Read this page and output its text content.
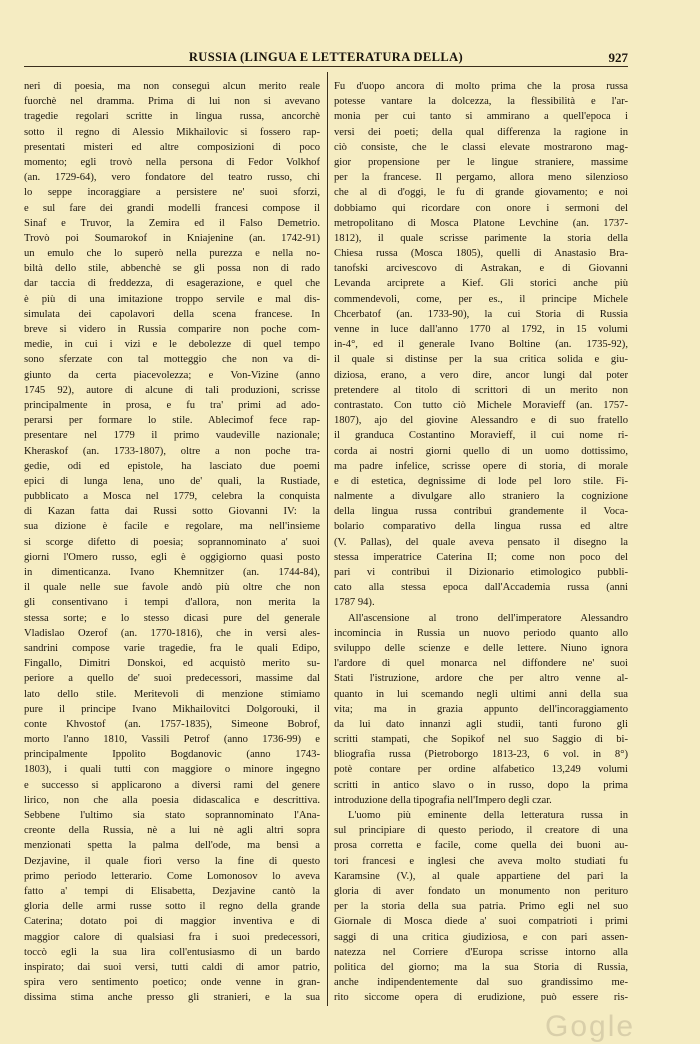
RUSSIA (LINGUA E LETTERATURA DELLA)	927
neri di poesia, ma non conseguì alcun merito reale
fuorchè nel dramma. Prima di lui non si avevano
tragedie regolari scritte in lingua russa, ancorchè
sotto il regno di Alessio Mikhailovic si fossero rap-
presentati misteri ed altre composizioni di poco
momento; egli trovò nella persona di Fedor Volkhof
(an. 1729-64), vero fondatore del teatro russo, chi
lo seppe incoraggiare a persistere ne' suoi sforzi,
e sul fare dei grandi modelli francesi compose il
Sinaf e Truvor, la Zemira ed il Falso Demetrio.
Trovò poi Soumarokof in Kniajenine (an. 1742-91)
un emulo che lo superò nella purezza e nella no-
biltà dello stile, abbenchè se gli possa non di rado
dar taccia di freddezza, di esagerazione, e quel che
è più di una imitazione troppo servile e mal dis-
simulata dei capolavori della scena francese. In
breve si videro in Russia comparire non poche com-
medie, in cui i vizi e le debolezze di quel tempo
sono sferzate con tal motteggio che non va di-
giunto da certa piacevolezza; e Von-Vizine (anno
1745 92), autore di alcune di tali produzioni, scrisse
principalmente in prosa, e fu tra' primi ad ado-
perarsi per formare lo stile. Ablecimof fece rap-
presentare nel 1779 il primo vaudeville nazionale;
Kheraskof (an. 1733-1807), oltre a non poche tra-
gedie, odi ed epistole, ha lasciato due poemi
epici di lunga lena, uno de' quali, la Rustiade,
pubblicato a Mosca nel 1779, celebra la conquista
di Kazan fatta dai Russi sotto Giovanni IV: la
sua dizione è facile e regolare, ma nell'insieme
si scorge difetto di poesia; soprannominato a' suoi
giorni l'Omero russo, egli è oggigiorno quasi posto
in dimenticanza. Ivano Khemnitzer (an. 1744-84),
il quale nelle sue favole andò più oltre che non
gli consentivano i tempi d'allora, non merita la
stessa sorte; e lo stesso dicasi pure del generale
Vladislao Ozerof (an. 1770-1816), che in versi ales-
sandrini compose varie tragedie, fra le quali Edipo,
Fingallo, Dimitri Donskoi, ed acquistò merito su-
periore a quello de' suoi predecessori, massime dal
lato dello stile. Meritevoli di menzione stimiamo
pure il principe Ivano Mikhailovitci Dolgorouki, il
conte Khvostof (an. 1757-1835), Simeone Bobrof,
morto l'anno 1810, Vassili Petrof (anno 1736-99) e
principalmente Ippolito Bogdanovic (anno 1743-
1803), i quali tutti con maggiore o minore ingegno
e successo si applicarono a diversi rami del genere
lirico, non che alla poesia didascalica e descrittiva.
Sebbene l'ultimo sia stato soprannominato l'Ana-
creonte della Russia, nè a lui nè agli altri sopra
menzionati spetta la palma dell'ode, ma bensì a
Dezjavine, il quale fiorì verso la fine di questo
primo periodo letterario. Come Lomonosov lo aveva
fatto a' tempi di Elisabetta, Dezjavine cantò la
gloria delle armi russe sotto il regno della grande
Caterina; dotato poi di maggior inventiva e di
maggior calore di qualsiasi fra i suoi predecessori,
toccò egli la sua lira coll'entusiasmo di un bardo
inspirato; dai suoi versi, tutti caldi di amor patrio,
spira vero sentimento poetico; onde venne in gran-
dissima stima anche presso gli stranieri, e la sua
Fu d'uopo ancora di molto prima che la prosa russa
potesse vantare la dolcezza, la flessibilità e l'ar-
monia per cui tanto si ammirano a quell'epoca i
versi dei poeti; della qual differenza la ragione in
ciò consiste, che le classi elevate mostrarono mag-
gior propensione per le lingue straniere, massime
per la francese. Il pergamo, allora meno silenzioso
che al dì d'oggi, le fu di grande giovamento; e noi
dobbiamo qui ricordare con onore i sermoni del
metropolitano di Mosca Platone Levchine (an. 1737-
1812), il quale scrisse parimente la storia della
Chiesa russa (Mosca 1805), quelli di Anastasio Bra-
tanofski arcivescovo di Astrakan, e di Giovanni
Levanda arciprete a Kief. Gli storici anche più
commendevoli, come, per es., il principe Michele
Chcerbatof (an. 1733-90), la cui Storia di Russia
venne in luce dall'anno 1770 al 1792, in 15 volumi
in-4°, ed il generale Ivano Boltine (an. 1735-92),
il quale si distinse per la sua critica solida e giu-
diziosa, erano, a vero dire, ancor lungi dal poter
pretendere al titolo di scrittori di un merito non
contrastato. Con tutto ciò Michele Moravieff (an. 1757-
1807), ajo del giovine Alessandro e di suo fratello
il granduca Costantino Moravieff, il cui nome ri-
corda ai nostri giorni quello di un uomo dottissimo,
ma padre infelice, scrisse opere di storia, di morale
e di estetica, degnissime di lode pel loro stile. Fi-
nalmente a divulgare allo straniero la cognizione
della lingua russa contribuì grandemente il Voca-
bolario comparativo della lingua russa ed altre
(V. Pallas), del quale aveva pensato il disegno la
stessa imperatrice Caterina II; come non poco del
pari vi contribuì il Dizionario etimologico pubbli-
cato alla stessa epoca dall'Accademia russa (anni
1787 94).
All'ascensione al trono dell'imperatore Alessandro
incomincia in Russia un nuovo periodo quanto allo
sviluppo delle scienze e delle lettere. Niuno ignora
l'ardore di quel monarca nel diffondere ne' suoi
Stati l'istruzione, ardore che per altro venne al-
quanto in lui scemando negli ultimi anni della sua
vita; ma in grazia appunto dell'incoraggiamento
da lui dato innanzi agli studii, tanti furono gli
scritti stampati, che Sopikof nel suo Saggio di bi-
bliografia russa (Pietroborgo 1813-23, 6 vol. in 8°)
potè contare per ordine alfabetico 13,249 volumi
scritti in antico slavo o in russo, dopo la prima
introduzione della tipografia nell'Impero degli czar.
L'uomo più eminente della letteratura russa in
sul principiare di questo periodo, il creatore di una
prosa corretta e facile, come quella dei buoni au-
tori francesi e inglesi che aveva molto studiati fu
Karamsine (V.), al quale appartiene del pari la
gloria di aver fondato un monumento non perituro
per la storia della sua patria. Primo egli nel suo
Giornale di Mosca diede a' suoi compatrioti i primi
saggi di una critica giudiziosa, e con pari assen-
natezza nel Corriere d'Europa scrisse intorno alla
politica del giorno; ma la sua Storia di Russia,
anche indipendentemente dal suo grandissimo me-
rito siccome opera di erudizione, può essere ris-
Gogle
